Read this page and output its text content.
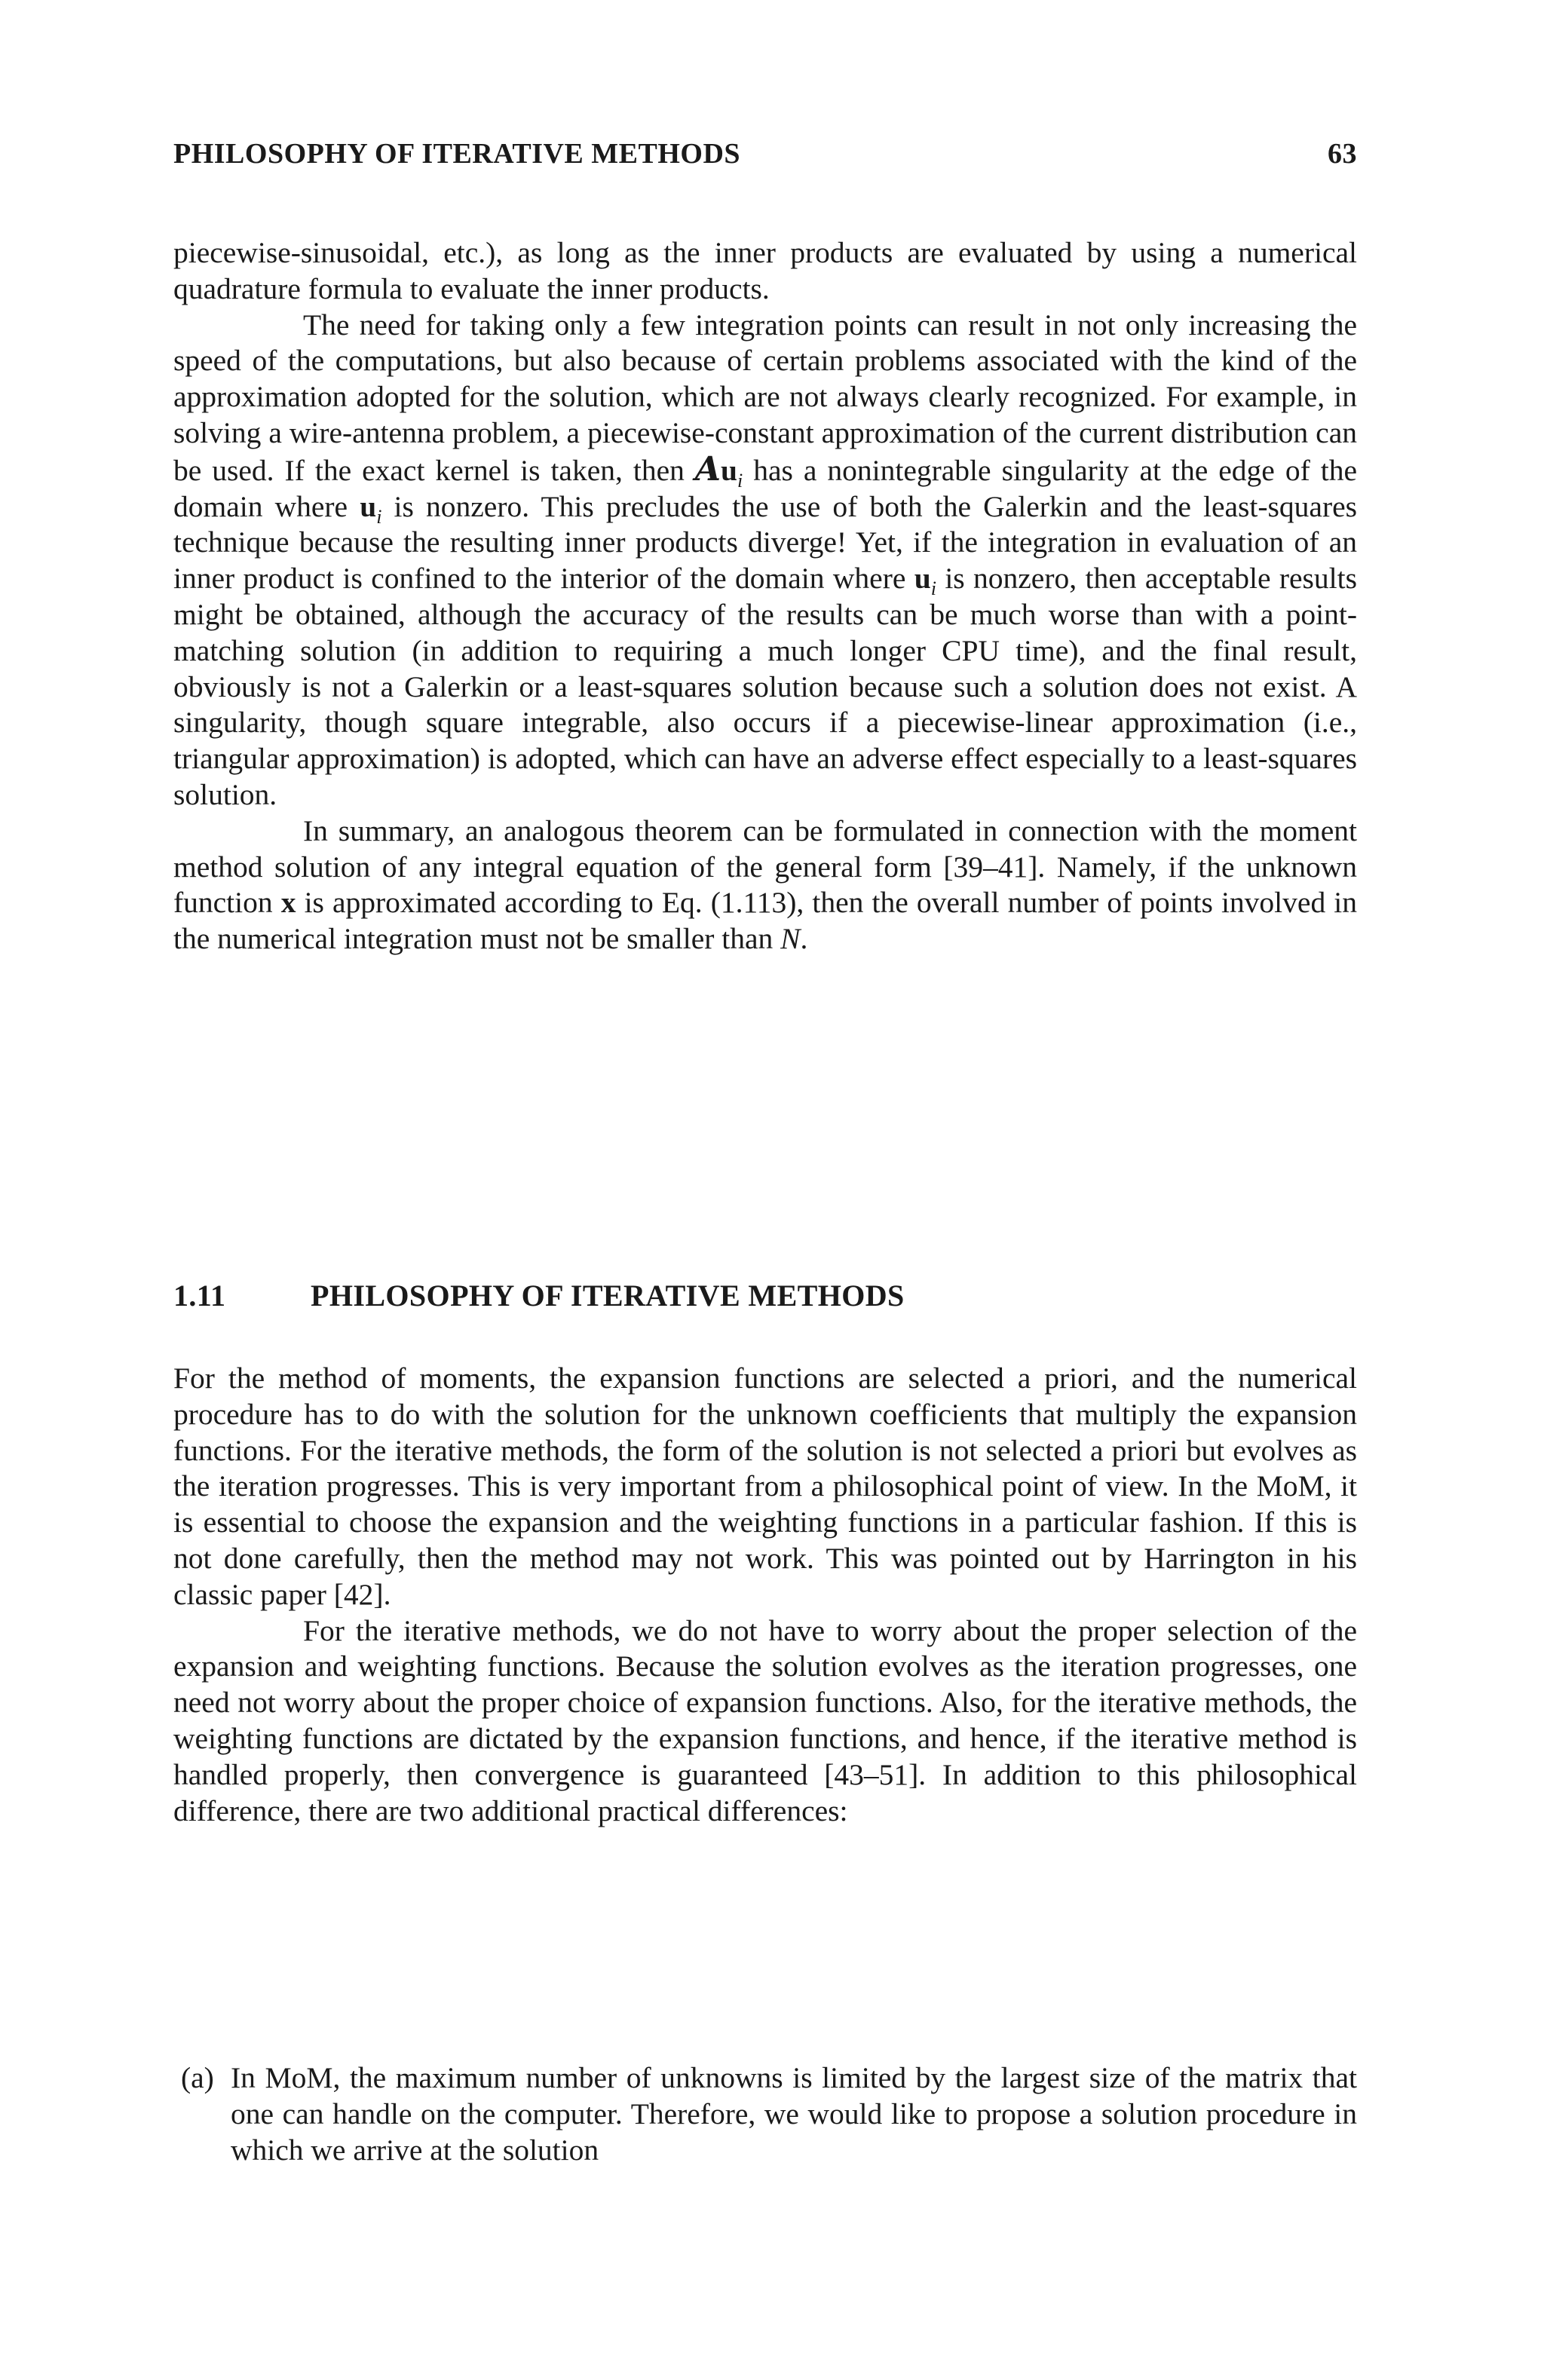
PHILOSOPHY OF ITERATIVE METHODS	63

piecewise-sinusoidal, etc.), as long as the inner products are evaluated by using a numerical quadrature formula to evaluate the inner products.

The need for taking only a few integration points can result in not only increasing the speed of the computations, but also because of certain problems associated with the kind of the approximation adopted for the solution, which are not always clearly recognized. For example, in solving a wire-antenna problem, a piecewise-constant approximation of the current distribution can be used. If the exact kernel is taken, then $Au_i$ has a nonintegrable singularity at the edge of the domain where $u_i$ is nonzero. This precludes the use of both the Galerkin and the least-squares technique because the resulting inner products diverge! Yet, if the integration in evaluation of an inner product is confined to the interior of the domain where $u_i$ is nonzero, then acceptable results might be obtained, although the accuracy of the results can be much worse than with a point-matching solution (in addition to requiring a much longer CPU time), and the final result, obviously is not a Galerkin or a least-squares solution because such a solution does not exist. A singularity, though square integrable, also occurs if a piecewise-linear approximation (i.e., triangular approximation) is adopted, which can have an adverse effect especially to a least-squares solution.

In summary, an analogous theorem can be formulated in connection with the moment method solution of any integral equation of the general form [39–41]. Namely, if the unknown function x is approximated according to Eq. (1.113), then the overall number of points involved in the numerical integration must not be smaller than N.

1.11	PHILOSOPHY OF ITERATIVE METHODS

For the method of moments, the expansion functions are selected a priori, and the numerical procedure has to do with the solution for the unknown coefficients that multiply the expansion functions. For the iterative methods, the form of the solution is not selected a priori but evolves as the iteration progresses. This is very important from a philosophical point of view. In the MoM, it is essential to choose the expansion and the weighting functions in a particular fashion. If this is not done carefully, then the method may not work. This was pointed out by Harrington in his classic paper [42].

For the iterative methods, we do not have to worry about the proper selection of the expansion and weighting functions. Because the solution evolves as the iteration progresses, one need not worry about the proper choice of expansion functions. Also, for the iterative methods, the weighting functions are dictated by the expansion functions, and hence, if the iterative method is handled properly, then convergence is guaranteed [43–51]. In addition to this philosophical difference, there are two additional practical differences:

(a) In MoM, the maximum number of unknowns is limited by the largest size of the matrix that one can handle on the computer. Therefore, we would like to propose a solution procedure in which we arrive at the solution
